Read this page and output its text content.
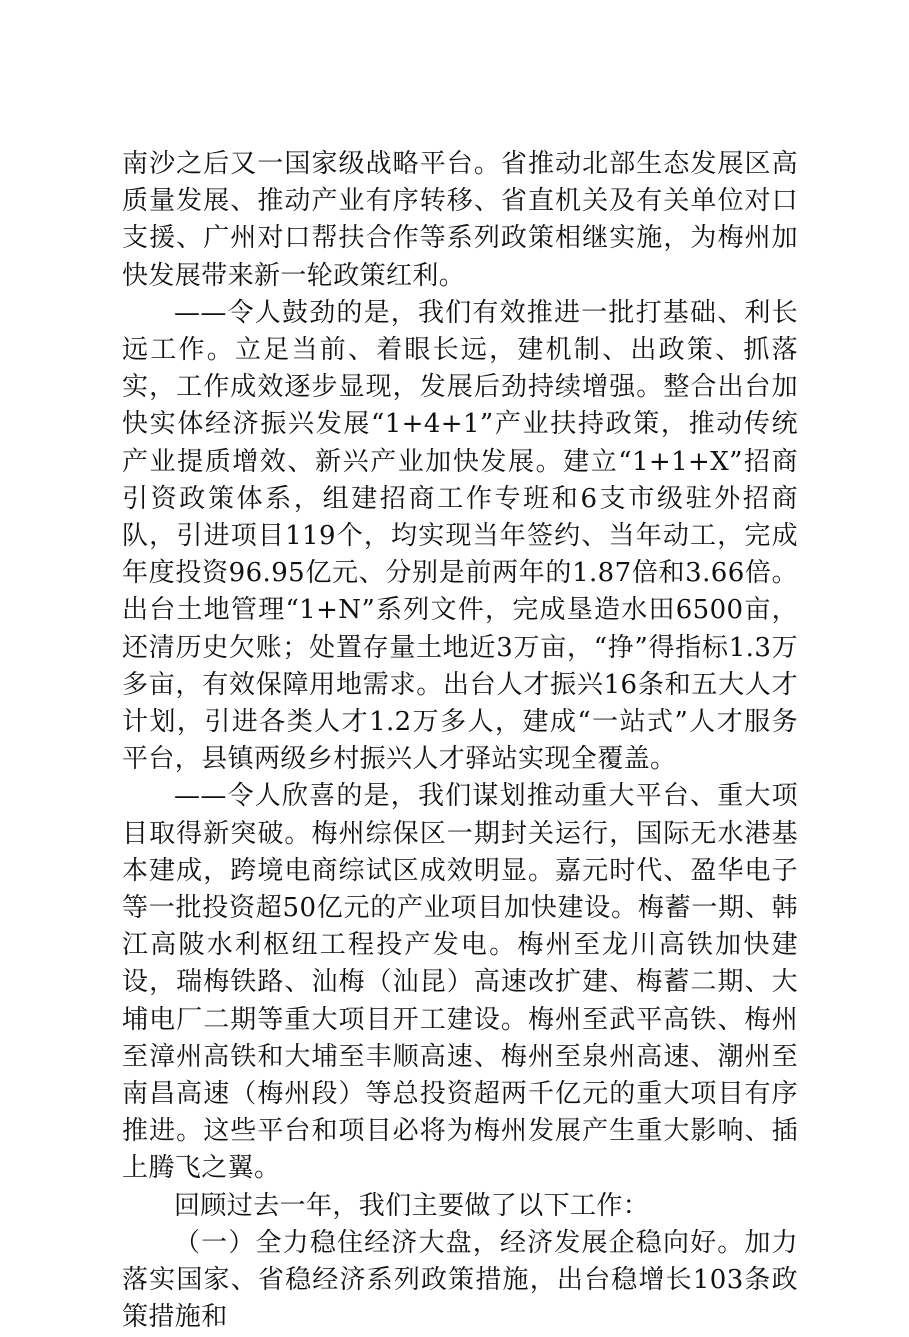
南沙之后又一国家级战略平台。省推动北部生态发展区高质量发展、推动产业有序转移、省直机关及有关单位对口支援、广州对口帮扶合作等系列政策相继实施，为梅州加快发展带来新一轮政策红利。

——令人鼓劲的是，我们有效推进一批打基础、利长远工作。立足当前、着眼长远，建机制、出政策、抓落实，工作成效逐步显现，发展后劲持续增强。整合出台加快实体经济振兴发展“1+4+1”产业扶持政策，推动传统产业提质增效、新兴产业加快发展。建立“1+1+X”招商引资政策体系，组建招商工作专班和6支市级驻外招商队，引进项目119个，均实现当年签约、当年动工，完成年度投资96.95亿元、分别是前两年的1.87倍和3.66倍。出台土地管理“1+N”系列文件，完成垦造水田6500亩，还清历史欠账；处置存量土地近3万亩，“挣”得指标1.3万多亩，有效保障用地需求。出台人才振兴16条和五大人才计划，引进各类人才1.2万多人，建成“一站式”人才服务平台，县镇两级乡村振兴人才驿站实现全覆盖。

——令人欣喜的是，我们谋划推动重大平台、重大项目取得新突破。梅州综保区一期封关运行，国际无水港基本建成，跨境电商综试区成效明显。嘉元时代、盈华电子等一批投资超50亿元的产业项目加快建设。梅蓄一期、韩江高陂水利枢纽工程投产发电。梅州至龙川高铁加快建设，瑞梅铁路、汕梅（汕昆）高速改扩建、梅蓄二期、大埔电厂二期等重大项目开工建设。梅州至武平高铁、梅州至漳州高铁和大埔至丰顺高速、梅州至泉州高速、潮州至南昌高速（梅州段）等总投资超两千亿元的重大项目有序推进。这些平台和项目必将为梅州发展产生重大影响、插上腾飞之翼。

回顾过去一年，我们主要做了以下工作：

（一）全力稳住经济大盘，经济发展企稳向好。加力落实国家、省稳经济系列政策措施，出台稳增长103条政策措施和
